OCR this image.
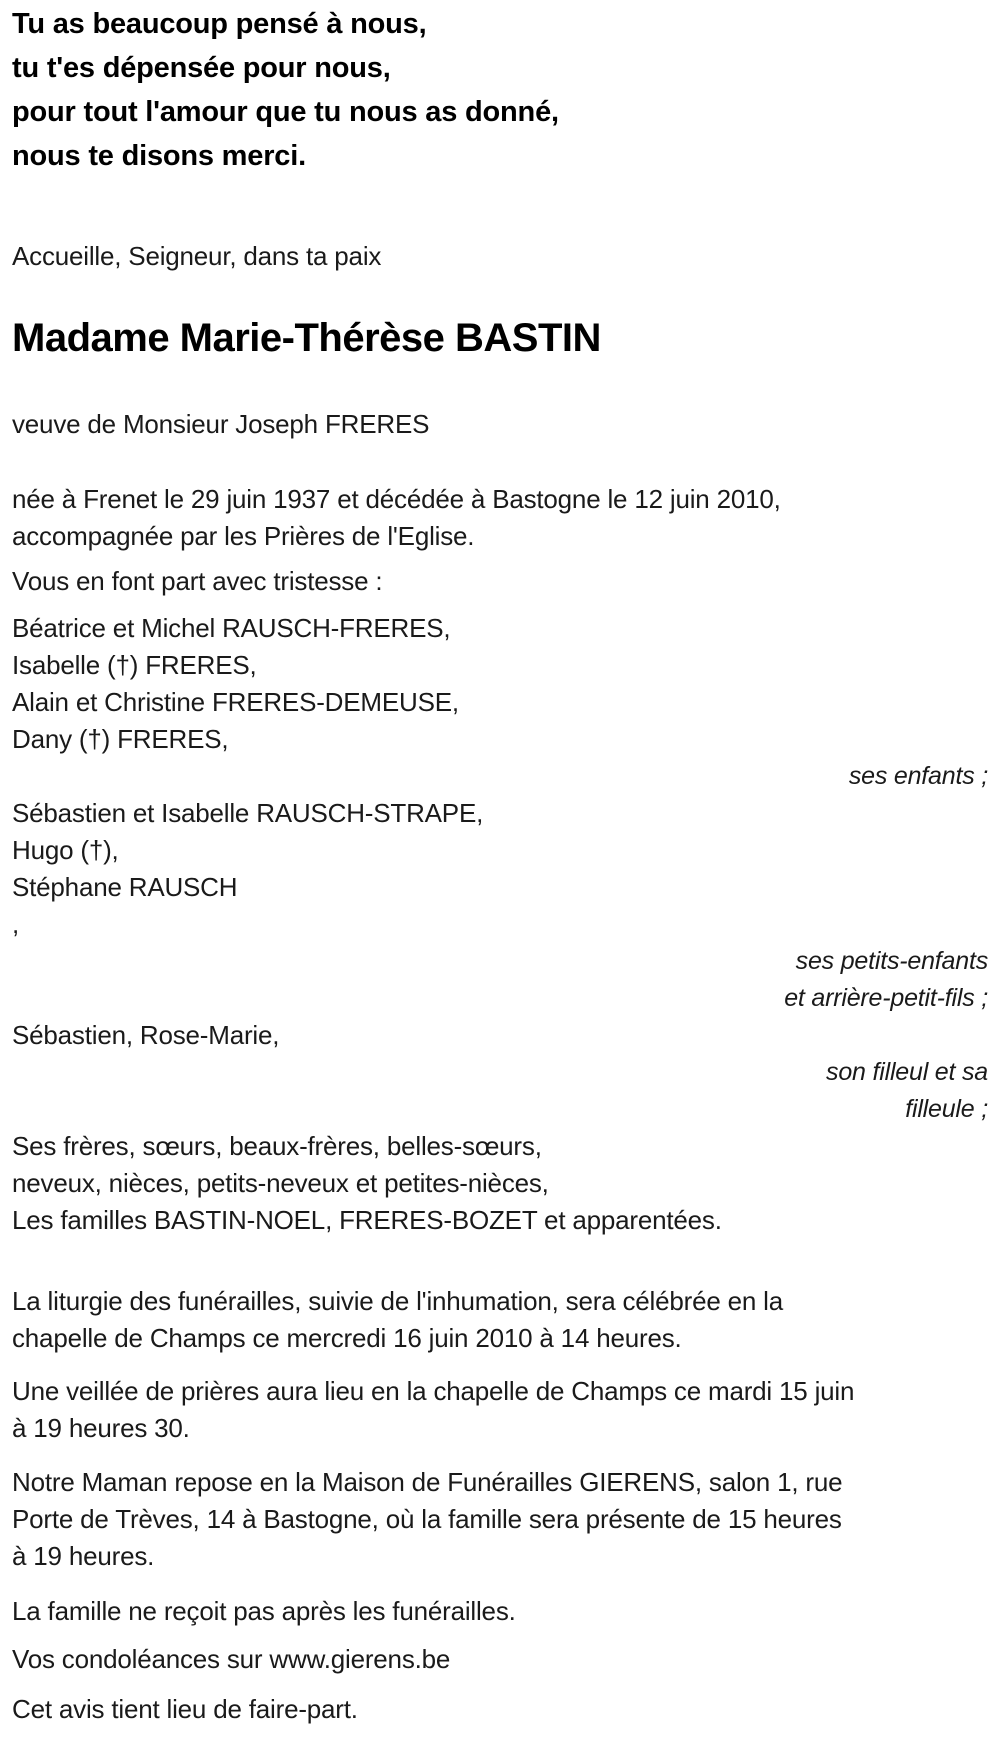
Tu as beaucoup pensé à nous,
tu t'es dépensée pour nous,
pour tout l'amour que tu nous as donné,
nous te disons merci.
Accueille, Seigneur, dans ta paix
Madame Marie-Thérèse BASTIN
veuve de Monsieur Joseph FRERES
née à Frenet le 29 juin 1937 et décédée à Bastogne le 12 juin 2010,
accompagnée par les Prières de l'Eglise.
Vous en font part avec tristesse :
Béatrice et Michel RAUSCH-FRERES,
Isabelle (†) FRERES,
Alain et Christine FRERES-DEMEUSE,
Dany (†) FRERES,
ses enfants ;
Sébastien et Isabelle RAUSCH-STRAPE,
Hugo (†),
Stéphane RAUSCH
,
ses petits-enfants
et arrière-petit-fils ;
Sébastien, Rose-Marie,
son filleul et sa
filleule ;
Ses frères, sœurs, beaux-frères, belles-sœurs,
neveux, nièces, petits-neveux et petites-nièces,
Les familles BASTIN-NOEL, FRERES-BOZET et apparentées.
La liturgie des funérailles, suivie de l'inhumation, sera célébrée en la
chapelle de Champs ce mercredi 16 juin 2010 à 14 heures.
Une veillée de prières aura lieu en la chapelle de Champs ce mardi 15 juin
à 19 heures 30.
Notre Maman repose en la Maison de Funérailles GIERENS, salon 1, rue
Porte de Trèves, 14 à Bastogne, où la famille sera présente de 15 heures
à 19 heures.
La famille ne reçoit pas après les funérailles.
Vos condoléances sur www.gierens.be
Cet avis tient lieu de faire-part.
